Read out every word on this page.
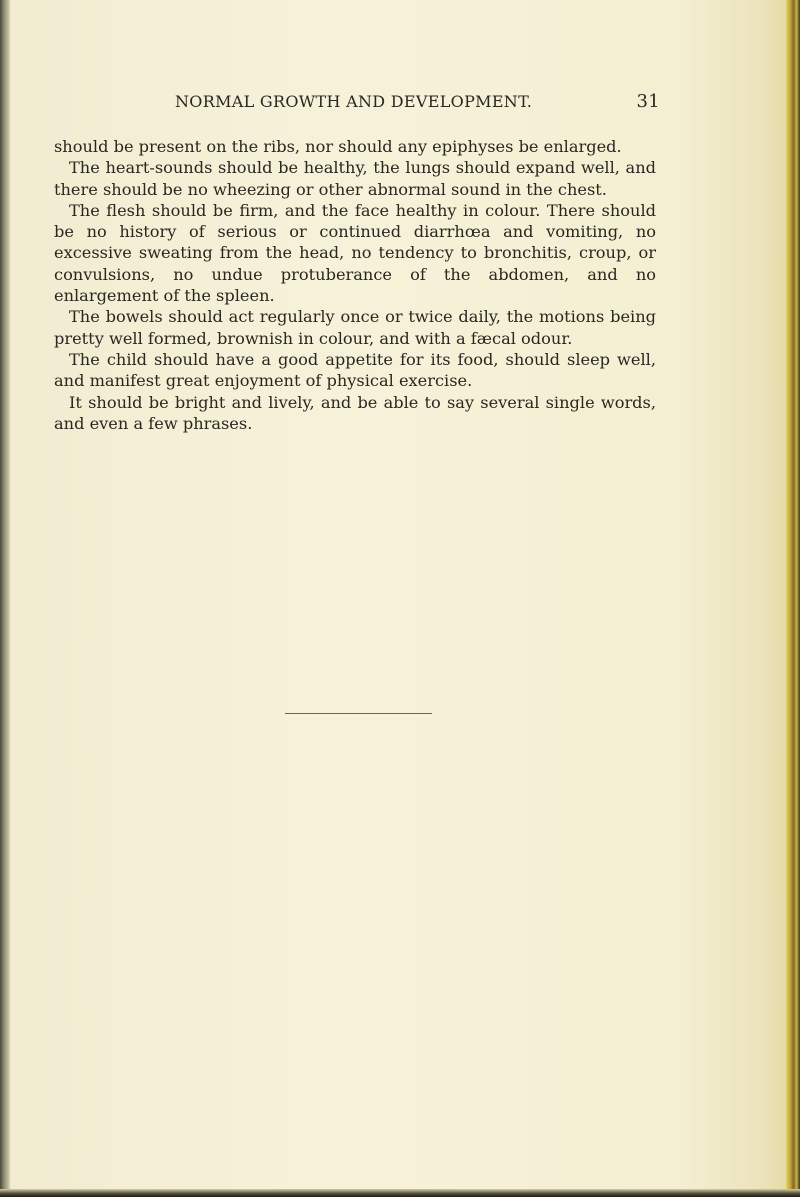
NORMAL GROWTH AND DEVELOPMENT.	31

should be present on the ribs, nor should any epiphyses be enlarged.

The heart-sounds should be healthy, the lungs should expand well, and there should be no wheezing or other abnormal sound in the chest.

The flesh should be firm, and the face healthy in colour. There should be no history of serious or continued diarrhœa and vomiting, no excessive sweating from the head, no tendency to bronchitis, croup, or convulsions, no undue protuberance of the abdomen, and no enlargement of the spleen.

The bowels should act regularly once or twice daily, the motions being pretty well formed, brownish in colour, and with a fæcal odour.

The child should have a good appetite for its food, should sleep well, and manifest great enjoyment of physical exercise.

It should be bright and lively, and be able to say several single words, and even a few phrases.
